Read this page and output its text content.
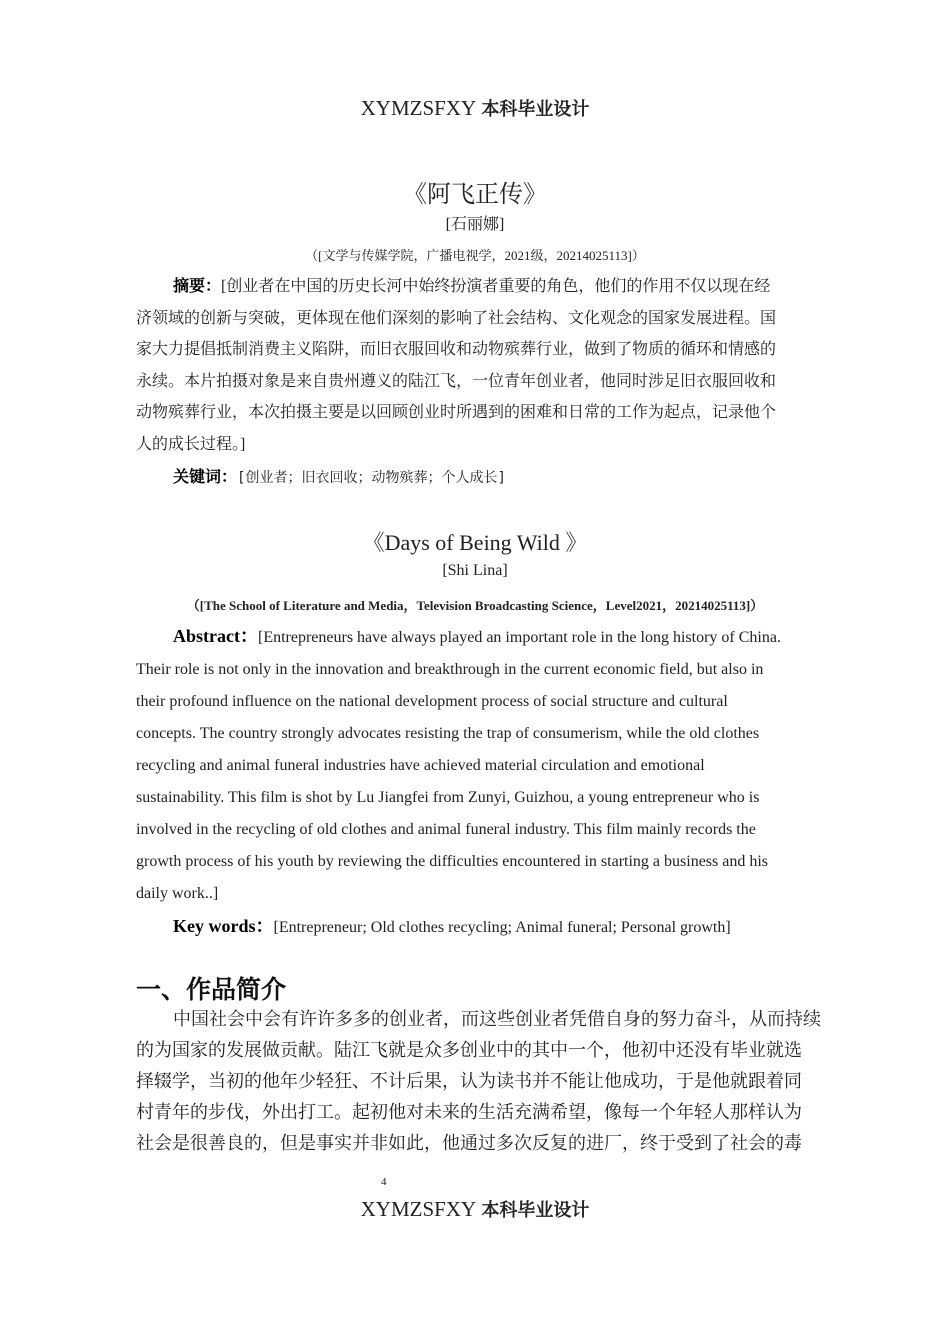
XYMZSFXY 本科毕业设计
《阿飞正传》
[石丽娜]
（[文学与传媒学院，广播电视学，2021级，20214025113]）
摘要：[创业者在中国的历史长河中始终扮演者重要的角色，他们的作用不仅以现在经
济领域的创新与突破，更体现在他们深刻的影响了社会结构、文化观念的国家发展进程。国
家大力提倡抵制消费主义陷阱，而旧衣服回收和动物殡葬行业，做到了物质的循环和情感的
永续。本片拍摄对象是来自贵州遵义的陆江飞，一位青年创业者，他同时涉足旧衣服回收和
动物殡葬行业，本次拍摄主要是以回顾创业时所遇到的困难和日常的工作为起点，记录他个
人的成长过程。]
关键词：[创业者；旧衣回收；动物殡葬；个人成长]
《Days of Being Wild 》
[Shi Lina]
（[The School of Literature and Media，Television Broadcasting Science，Level2021，20214025113]）
Abstract：[Entrepreneurs have always played an important role in the long history of China.
Their role is not only in the innovation and breakthrough in the current economic field, but also in
their profound influence on the national development process of social structure and cultural
concepts. The country strongly advocates resisting the trap of consumerism, while the old clothes
recycling and animal funeral industries have achieved material circulation and emotional
sustainability. This film is shot by Lu Jiangfei from Zunyi, Guizhou, a young entrepreneur who is
involved in the recycling of old clothes and animal funeral industry. This film mainly records the
growth process of his youth by reviewing the difficulties encountered in starting a business and his
daily work..]
Key words：[Entrepreneur; Old clothes recycling; Animal funeral; Personal growth]
一、作品简介
中国社会中会有许许多多的创业者，而这些创业者凭借自身的努力奋斗，从而持续
的为国家的发展做贡献。陆江飞就是众多创业中的其中一个，他初中还没有毕业就选
择辍学，当初的他年少轻狂、不计后果，认为读书并不能让他成功，于是他就跟着同
村青年的步伐，外出打工。起初他对未来的生活充满希望，像每一个年轻人那样认为
社会是很善良的，但是事实并非如此，他通过多次反复的进厂，终于受到了社会的毒
4
XYMZSFXY 本科毕业设计
